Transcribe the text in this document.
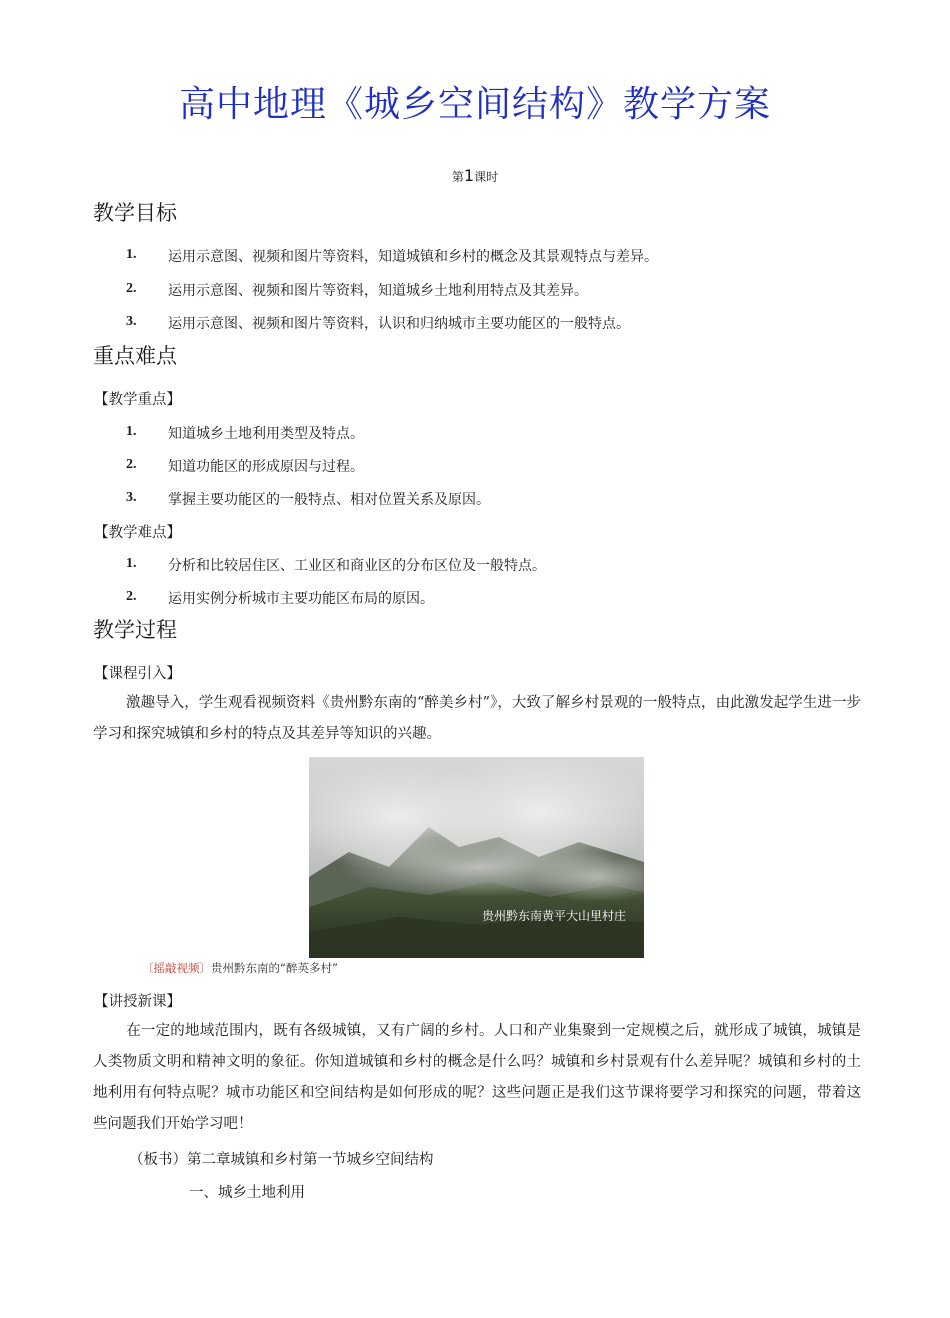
高中地理《城乡空间结构》教学方案
第1课时
教学目标
1. 运用示意图、视频和图片等资料，知道城镇和乡村的概念及其景观特点与差异。
2. 运用示意图、视频和图片等资料，知道城乡土地利用特点及其差异。
3. 运用示意图、视频和图片等资料，认识和归纳城市主要功能区的一般特点。
重点难点
【教学重点】
1. 知道城乡土地利用类型及特点。
2. 知道功能区的形成原因与过程。
3. 掌握主要功能区的一般特点、相对位置关系及原因。
【教学难点】
1. 分析和比较居住区、工业区和商业区的分布区位及一般特点。
2. 运用实例分析城市主要功能区布局的原因。
教学过程
【课程引入】
激趣导入，学生观看视频资料《贵州黔东南的“醉美乡村”》，大致了解乡村景观的一般特点，由此激发起学生进一步学习和探究城镇和乡村的特点及其差异等知识的兴趣。
贵州黔东南黄平大山里村庄
〔摇敲视频〕贵州黔东南的“醉英多村”
【讲授新课】
在一定的地域范围内，既有各级城镇，又有广阔的乡村。人口和产业集聚到一定规模之后，就形成了城镇，城镇是人类物质文明和精神文明的象征。你知道城镇和乡村的概念是什么吗？城镇和乡村景观有什么差异呢？城镇和乡村的土地利用有何特点呢？城市功能区和空间结构是如何形成的呢？这些问题正是我们这节课将要学习和探究的问题，带着这些问题我们开始学习吧！
（板书）第二章城镇和乡村第一节城乡空间结构
一、城乡土地利用
